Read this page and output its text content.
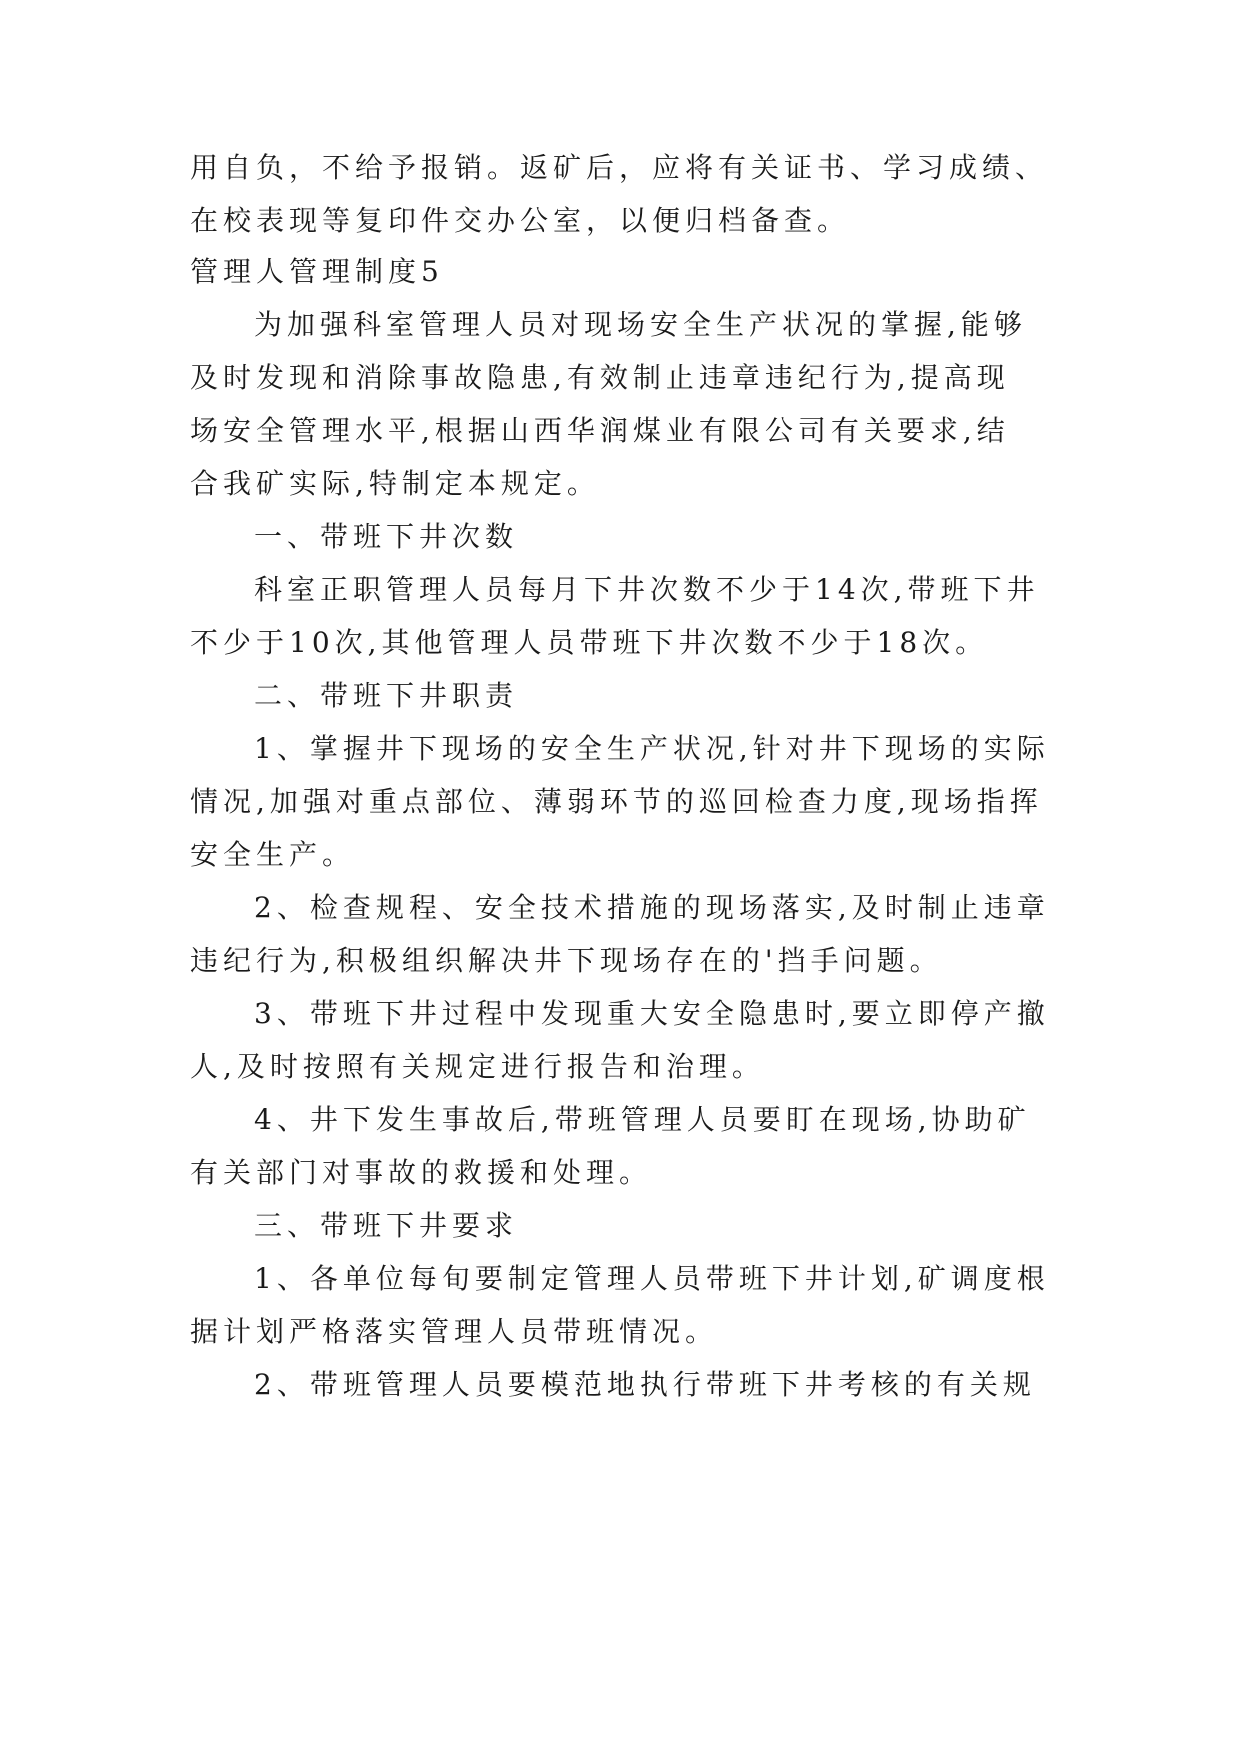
用自负，不给予报销。返矿后，应将有关证书、学习成绩、
在校表现等复印件交办公室，以便归档备查。
管理人管理制度5
为加强科室管理人员对现场安全生产状况的掌握,能够
及时发现和消除事故隐患,有效制止违章违纪行为,提高现
场安全管理水平,根据山西华润煤业有限公司有关要求,结
合我矿实际,特制定本规定。
一、带班下井次数
科室正职管理人员每月下井次数不少于14次,带班下井
不少于10次,其他管理人员带班下井次数不少于18次。
二、带班下井职责
1、掌握井下现场的安全生产状况,针对井下现场的实际
情况,加强对重点部位、薄弱环节的巡回检查力度,现场指挥
安全生产。
2、检查规程、安全技术措施的现场落实,及时制止违章
违纪行为,积极组织解决井下现场存在的'挡手问题。
3、带班下井过程中发现重大安全隐患时,要立即停产撤
人,及时按照有关规定进行报告和治理。
4、井下发生事故后,带班管理人员要盯在现场,协助矿
有关部门对事故的救援和处理。
三、带班下井要求
1、各单位每旬要制定管理人员带班下井计划,矿调度根
据计划严格落实管理人员带班情况。
2、带班管理人员要模范地执行带班下井考核的有关规
